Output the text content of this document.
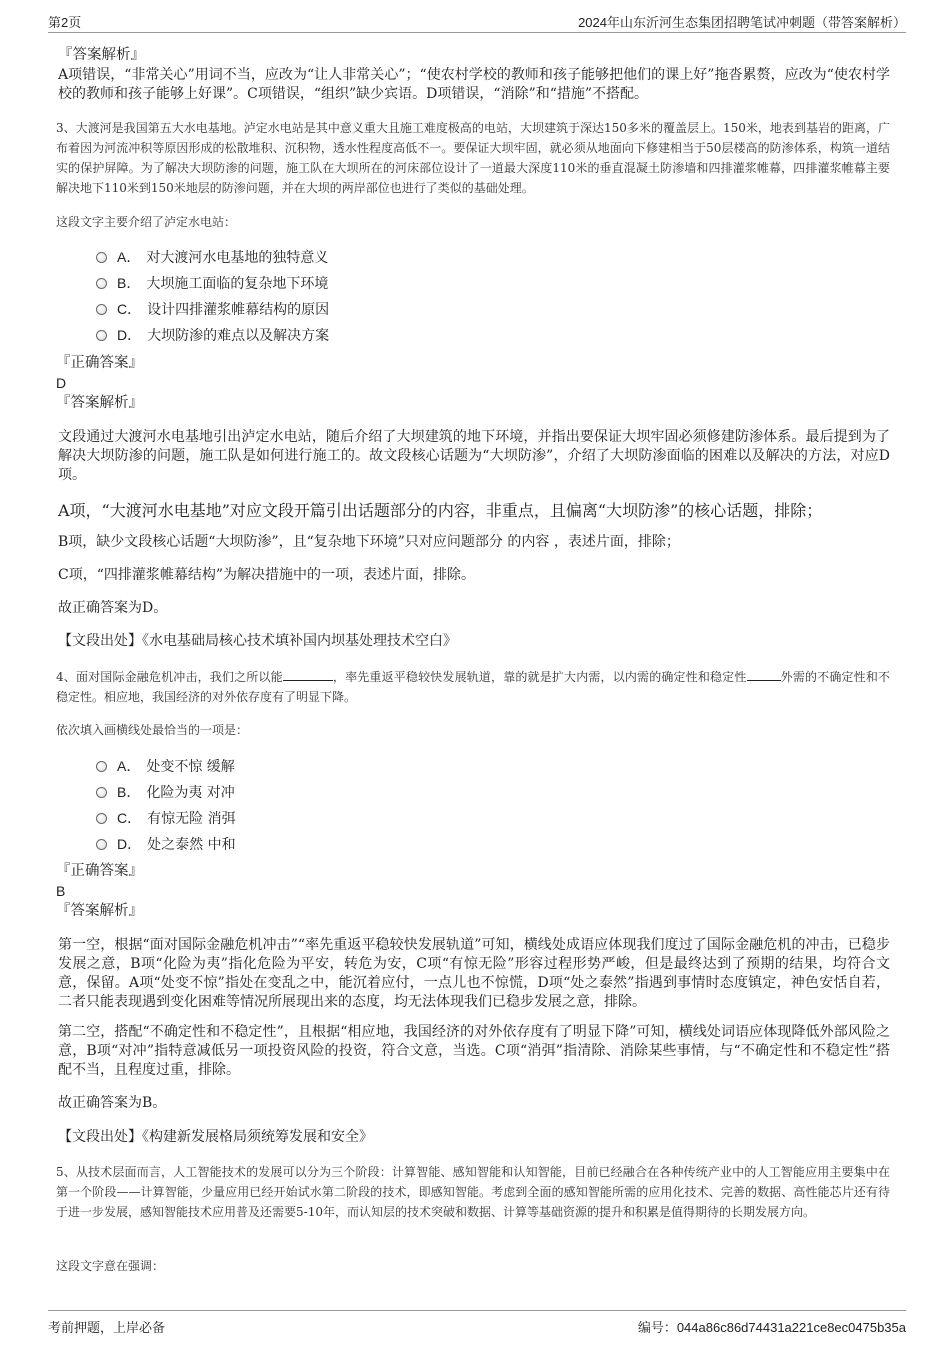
第2页	2024年山东沂河生态集团招聘笔试冲刺题（带答案解析）
『答案解析』
A项错误，“非常关心”用词不当，应改为“让人非常关心”；“使农村学校的教师和孩子能够把他们的课上好”拖沓累赘，应改为“使农村学校的教师和孩子能够上好课”。C项错误，“组织”缺少宾语。D项错误，“消除”和“措施”不搭配。
3、大渡河是我国第五大水电基地。泸定水电站是其中意义重大且施工难度极高的电站，大坝建筑于深达150多米的覆盖层上。150米，地表到基岩的距离，广布着因为河流冲积等原因形成的松散堆积、沉积物，透水性程度高低不一。要保证大坝牢固，就必须从地面向下修建相当于50层楼高的防渗体系，构筑一道结实的保护屏障。为了解决大坝防渗的问题，施工队在大坝所在的河床部位设计了一道最大深度110米的垂直混凝土防渗墙和四排灌浆帷幕，四排灌浆帷幕主要解决地下110米到150米地层的防渗问题，并在大坝的两岸部位也进行了类似的基础处理。
这段文字主要介绍了泸定水电站：
A． 对大渡河水电基地的独特意义
B． 大坝施工面临的复杂地下环境
C． 设计四排灌浆帷幕结构的原因
D． 大坝防渗的难点以及解决方案
『正确答案』
D
『答案解析』
文段通过大渡河水电基地引出泸定水电站，随后介绍了大坝建筑的地下环境，并指出要保证大坝牢固必须修建防渗体系。最后提到为了解决大坝防渗的问题，施工队是如何进行施工的。故文段核心话题为“大坝防渗”，介绍了大坝防渗面临的困难以及解决的方法，对应D项。
A项，“大渡河水电基地”对应文段开篇引出话题部分的内容，非重点，且偏离“大坝防渗”的核心话题，排除；
B项，缺少文段核心话题“大坝防渗”，且“复杂地下环境”只对应问题部分 的内容 ，表述片面，排除；
C项，“四排灌浆帷幕结构”为解决措施中的一项，表述片面，排除。
故正确答案为D。
【文段出处】《水电基础局核心技术填补国内坝基处理技术空白》
4、面对国际金融危机冲击，我们之所以能	，率先重返平稳较快发展轨道，靠的就是扩大内需，以内需的确定性和稳定性	外需的不确定性和不稳定性。相应地，我国经济的对外依存度有了明显下降。
依次填入画横线处最恰当的一项是：
A． 处变不惊 缓解
B． 化险为夷 对冲
C． 有惊无险 消弭
D． 处之泰然 中和
『正确答案』
B
『答案解析』
第一空，根据“面对国际金融危机冲击”“率先重返平稳较快发展轨道”可知，横线处成语应体现我们度过了国际金融危机的冲击，已稳步发展之意，B项“化险为夷”指化危险为平安，转危为安，C项“有惊无险”形容过程形势严峻，但是最终达到了预期的结果，均符合文意，保留。A项“处变不惊”指处在变乱之中，能沉着应付，一点儿也不惊慌，D项“处之泰然”指遇到事情时态度镇定，神色安恬自若，二者只能表现遇到变化困难等情况所展现出来的态度，均无法体现我们已稳步发展之意，排除。
第二空，搭配“不确定性和不稳定性”，且根据“相应地，我国经济的对外依存度有了明显下降”可知，横线处词语应体现降低外部风险之意，B项“对冲”指特意减低另一项投资风险的投资，符合文意，当选。C项“消弭”指清除、消除某些事情，与“不确定性和不稳定性”搭配不当，且程度过重，排除。
故正确答案为B。
【文段出处】《构建新发展格局须统筹发展和安全》
5、从技术层面而言，人工智能技术的发展可以分为三个阶段：计算智能、感知智能和认知智能，目前已经融合在各种传统产业中的人工智能应用主要集中在第一个阶段——计算智能，少量应用已经开始试水第二阶段的技术，即感知智能。考虑到全面的感知智能所需的应用化技术、完善的数据、高性能芯片还有待于进一步发展，感知智能技术应用普及还需要5-10年，而认知层的技术突破和数据、计算等基础资源的提升和积累是值得期待的长期发展方向。
这段文字意在强调：
考前押题，上岸必备	编号：044a86c86d74431a221ce8ec0475b35a
